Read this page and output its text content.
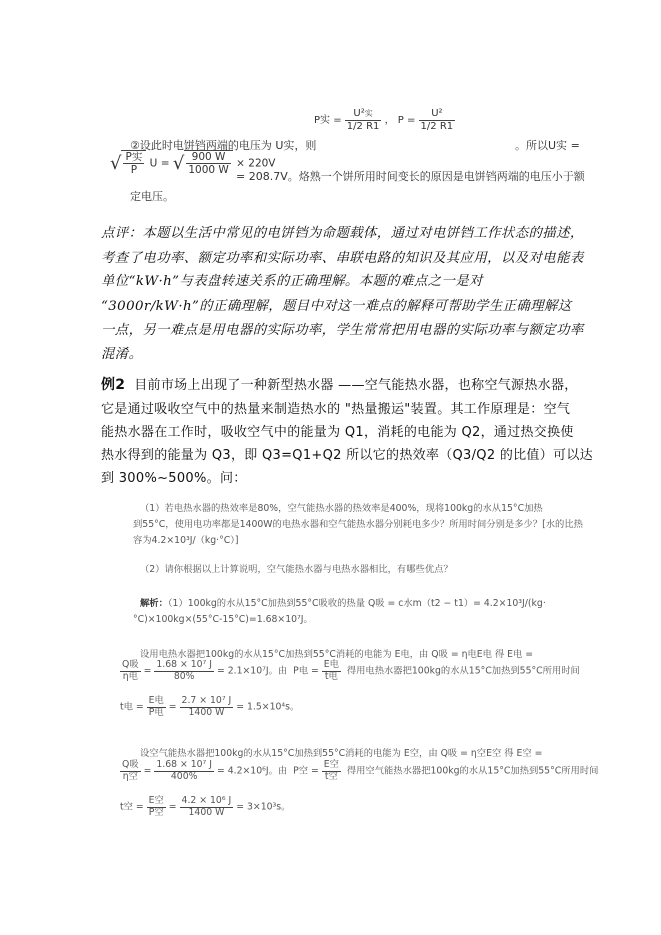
P实 = $\frac{\text{U²实}}{1/2 R1}$ ， $P = \frac{\text{U²}}{1/2 R1}$
②设此时电饼铛两端的电压为 U实，则	。所以U实 =
√ $\frac{\text{P实}}{P}$ U = √ $\frac{900 W}{1000 W} \times 220V$
= 208.7V。烙熟一个饼所用时间变长的原因是电饼铛两端的电压小于额
定电压。
点评：本题以生活中常见的电饼铛为命题载体，通过对电饼铛工作状态的描述，
考查了电功率、额定功率和实际功率、串联电路的知识及其应用，以及对电能表
单位“kW·h”与表盘转速关系的正确理解。本题的难点之一是对
“3000r/kW·h”的正确理解，题目中对这一难点的解释可帮助学生正确理解这
一点，另一难点是用电器的实际功率，学生常常把用电器的实际功率与额定功率
混淆。
例2 目前市场上出现了一种新型热水器 ——空气能热水器，也称空气源热水器，
它是通过吸收空气中的热量来制造热水的 "热量搬运"装置。其工作原理是：空气
能热水器在工作时，吸收空气中的能量为 Q1，消耗的电能为 Q2，通过热交换使
热水得到的能量为 Q3，即 Q3=Q1+Q2 所以它的热效率（Q3/Q2 的比值）可以达
到 300%~500%。问：
（1）若电热水器的热效率是80%，空气能热水器的热效率是400%，现将100kg的水从15°C加热
到55°C，使用电功率都是1400W的电热水器和空气能热水器分别耗电多少？所用时间分别是多少？[水的比热
容为4.2×10³J/（kg·°C）]
（2）请你根据以上计算说明，空气能热水器与电热水器相比，有哪些优点？
解析：（1）100kg的水从15°C加热到55°C吸收的热量 Q吸 = c水m（t2 − t1）= 4.2×10³J/(kg·
°C)×100kg×(55°C-15°C)=1.68×10⁷J。
设用电热水器把100kg的水从15°C加热到55°C消耗的电能为 E电，由 Q吸 = η电E电 得 E电 =
$\frac{\text{Q吸}}{\text{η电}} = \frac{\text{1.68 × 10⁷ J}}{80\%} = 2.1\times 10^7J$。由 P电 = $\frac{\text{E电}}{\text{t电}}$ 得用电热水器把100kg的水从15°C加热到55°C所用时间
t电 = $\frac{\text{E电}}{\text{P电}} = \frac{\text{2.7 × 10⁷ J}}{1400 W} = 1.5\times 10^4s$。
设空气能热水器把100kg的水从15°C加热到55°C消耗的电能为 E空，由 Q吸 = η空E空 得 E空 =
$\frac{\text{Q吸}}{\text{η空}} = \frac{\text{1.68 × 10⁷ J}}{400\%} = 4.2\times 10^6J$。由 P空 = $\frac{\text{E空}}{\text{t空}}$ 得用空气能热水器把100kg的水从15°C加热到55°C所用时间
t空 = $\frac{\text{E空}}{\text{P空}} = \frac{\text{4.2 × 10⁶ J}}{1400 W} = 3\times 10^3s$。
